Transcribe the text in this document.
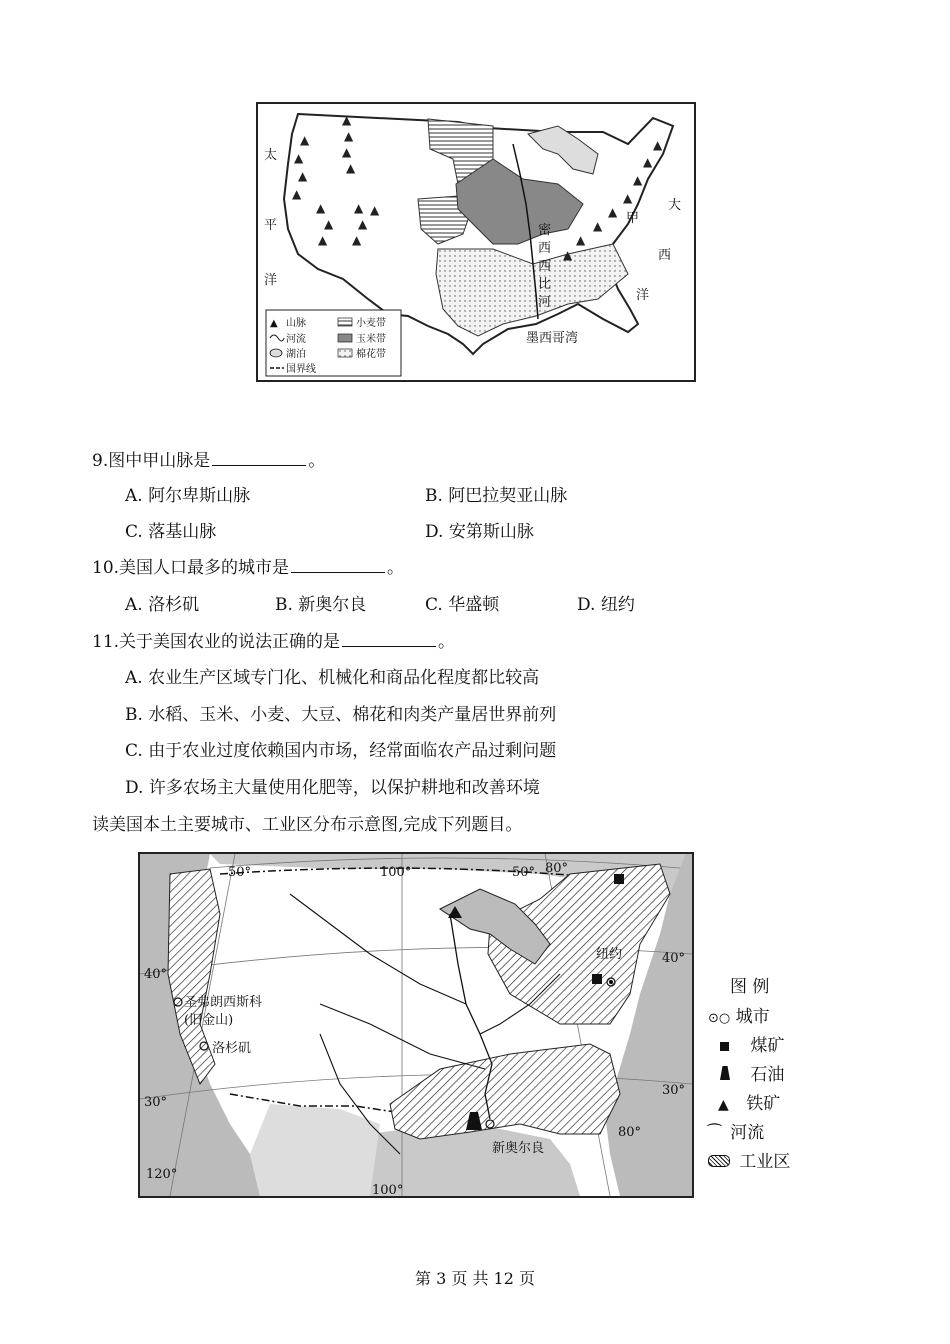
▲
▲
▲
▲
▲
▲
▲
▲
▲
▲
▲
▲
▲
▲
▲
▲
▲
▲
▲
▲
▲
▲
▲
太
平
洋
大
西
洋
甲
密
西
西
比
河
墨西哥湾
山脉
▲	小麦带
河流	玉米带
湖泊	棉花带
国界线
9.图中甲山脉是	。
A. 阿尔卑斯山脉	B. 阿巴拉契亚山脉
C. 落基山脉	D. 安第斯山脉
10.美国人口最多的城市是	。
A. 洛杉矶	B. 新奥尔良	C. 华盛顿	D. 纽约
11.关于美国农业的说法正确的是	。
A. 农业生产区域专门化、机械化和商品化程度都比较高
B. 水稻、玉米、小麦、大豆、棉花和肉类产量居世界前列
C. 由于农业过度依赖国内市场，经常面临农产品过剩问题
D. 许多农场主大量使用化肥等，以保护耕地和改善环境
读美国本土主要城市、工业区分布示意图,完成下列题目。
50°	100°	50° 80°
40°
40°
30°
30°
80°
120°
100°
圣弗朗西斯科
(旧金山)
洛杉矶
纽约
新奥尔良
图 例
⊙○ 城市
煤矿
石油
▲ 铁矿
⁀ 河流
工业区
第 3 页 共 12 页
